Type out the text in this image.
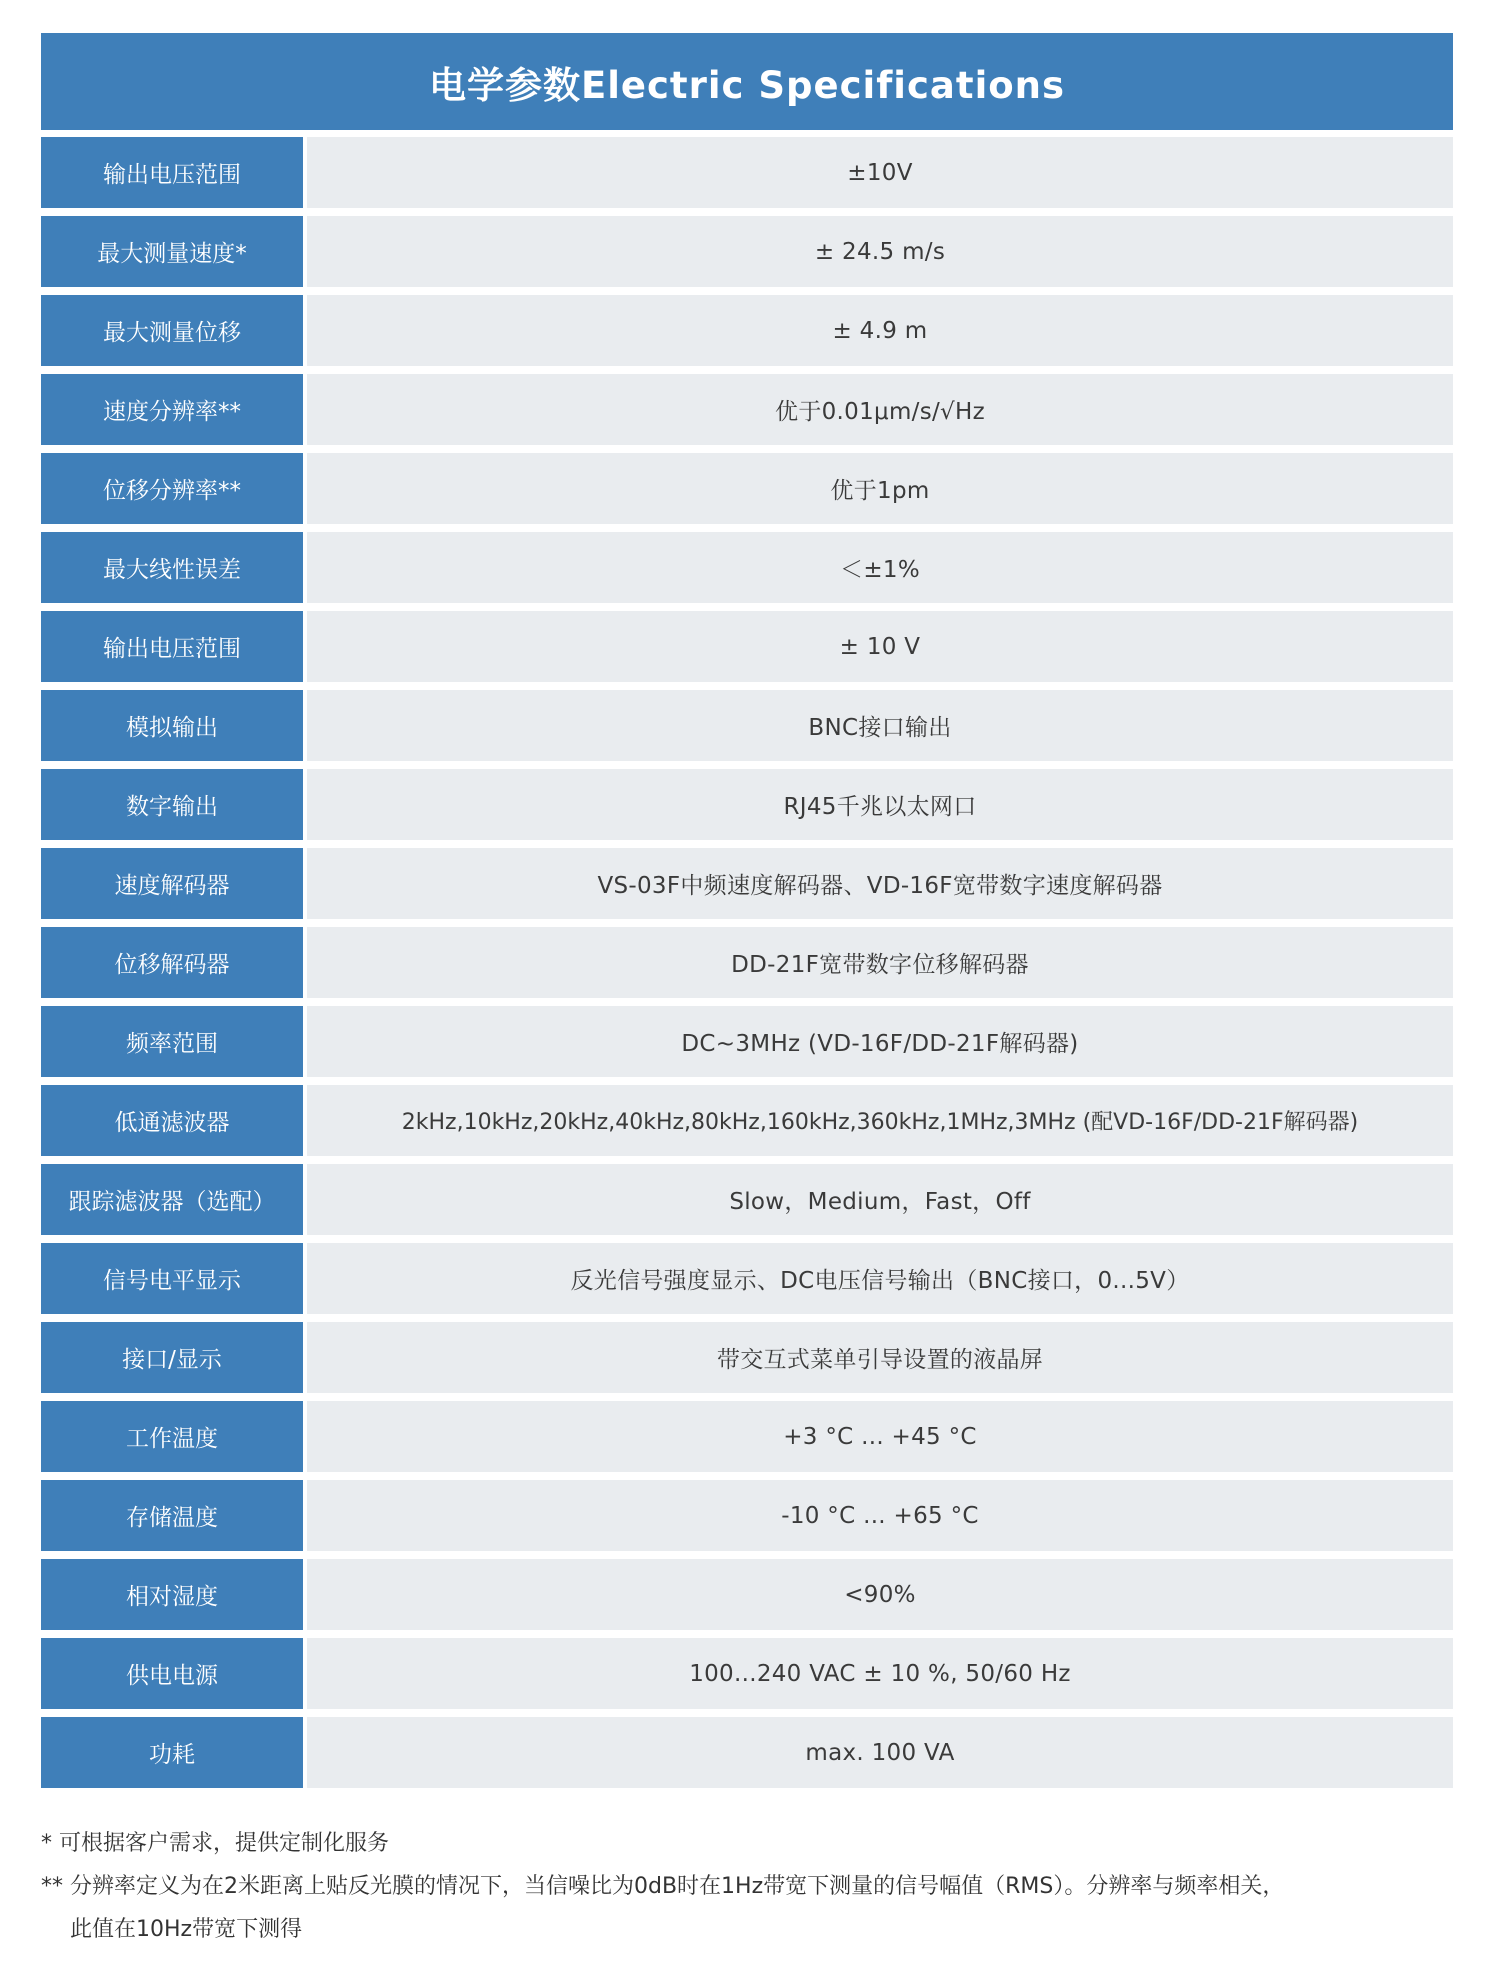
电学参数Electric Specifications
输出电压范围	±10V
最大测量速度*	± 24.5 m/s
最大测量位移	± 4.9 m
速度分辨率**	优于0.01μm/s/√Hz
位移分辨率**	优于1pm
最大线性误差	＜±1%
输出电压范围	± 10 V
模拟输出	BNC接口输出
数字输出	RJ45千兆以太网口
速度解码器	VS-03F中频速度解码器、VD-16F宽带数字速度解码器
位移解码器	DD-21F宽带数字位移解码器
频率范围	DC~3MHz (VD-16F/DD-21F解码器)
低通滤波器	2kHz,10kHz,20kHz,40kHz,80kHz,160kHz,360kHz,1MHz,3MHz (配VD-16F/DD-21F解码器)
跟踪滤波器（选配）	Slow，Medium，Fast，Off
信号电平显示	反光信号强度显示、DC电压信号输出（BNC接口，0...5V）
接口/显示	带交互式菜单引导设置的液晶屏
工作温度	+3 °C ... +45 °C
存储温度	-10 °C ... +65 °C
相对湿度	<90%
供电电源	100...240 VAC ± 10 %, 50/60 Hz
功耗	max. 100 VA
* 可根据客户需求，提供定制化服务
** 分辨率定义为在2米距离上贴反光膜的情况下，当信噪比为0dB时在1Hz带宽下测量的信号幅值（RMS）。分辨率与频率相关，
此值在10Hz带宽下测得
